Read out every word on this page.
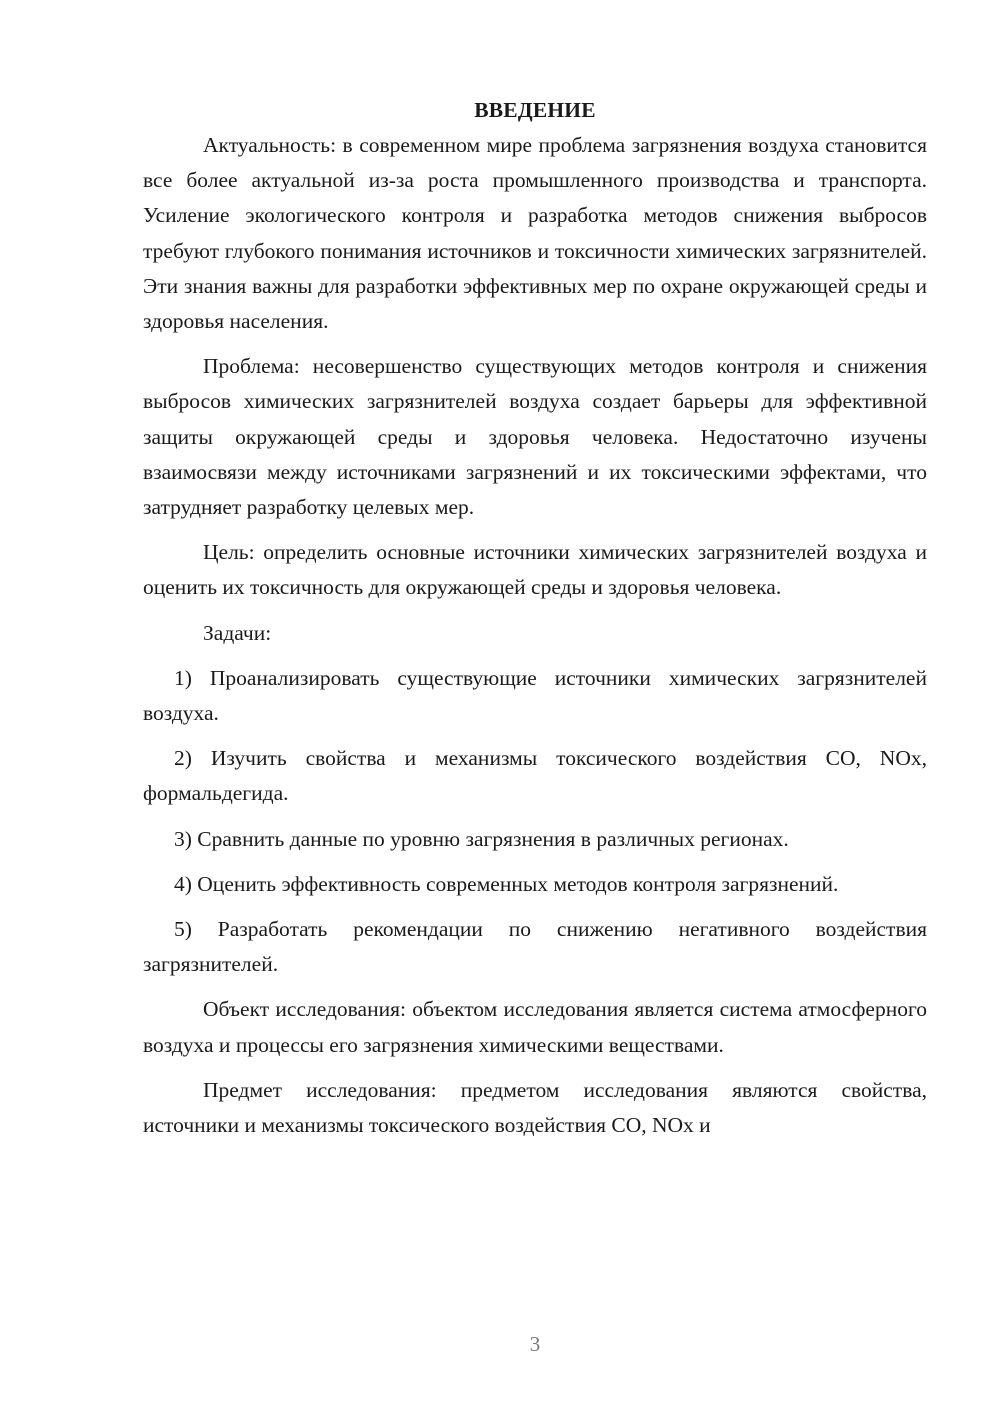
ВВЕДЕНИЕ

Актуальность: в современном мире проблема загрязнения воздуха становится все более актуальной из-за роста промышленного производства и транспорта. Усиление экологического контроля и разработка методов снижения выбросов требуют глубокого понимания источников и токсичности химических загрязнителей. Эти знания важны для разработки эффективных мер по охране окружающей среды и здоровья населения.

Проблема: несовершенство существующих методов контроля и снижения выбросов химических загрязнителей воздуха создает барьеры для эффективной защиты окружающей среды и здоровья человека. Недостаточно изучены взаимосвязи между источниками загрязнений и их токсическими эффектами, что затрудняет разработку целевых мер.

Цель: определить основные источники химических загрязнителей воздуха и оценить их токсичность для окружающей среды и здоровья человека.

Задачи:

1) Проанализировать существующие источники химических загрязнителей воздуха.

2) Изучить свойства и механизмы токсического воздействия CO, NOx, формальдегида.

3) Сравнить данные по уровню загрязнения в различных регионах.

4) Оценить эффективность современных методов контроля загрязнений.

5) Разработать рекомендации по снижению негативного воздействия загрязнителей.

Объект исследования: объектом исследования является система атмосферного воздуха и процессы его загрязнения химическими веществами.

Предмет исследования: предметом исследования являются свойства, источники и механизмы токсического воздействия CO, NOx и

3
